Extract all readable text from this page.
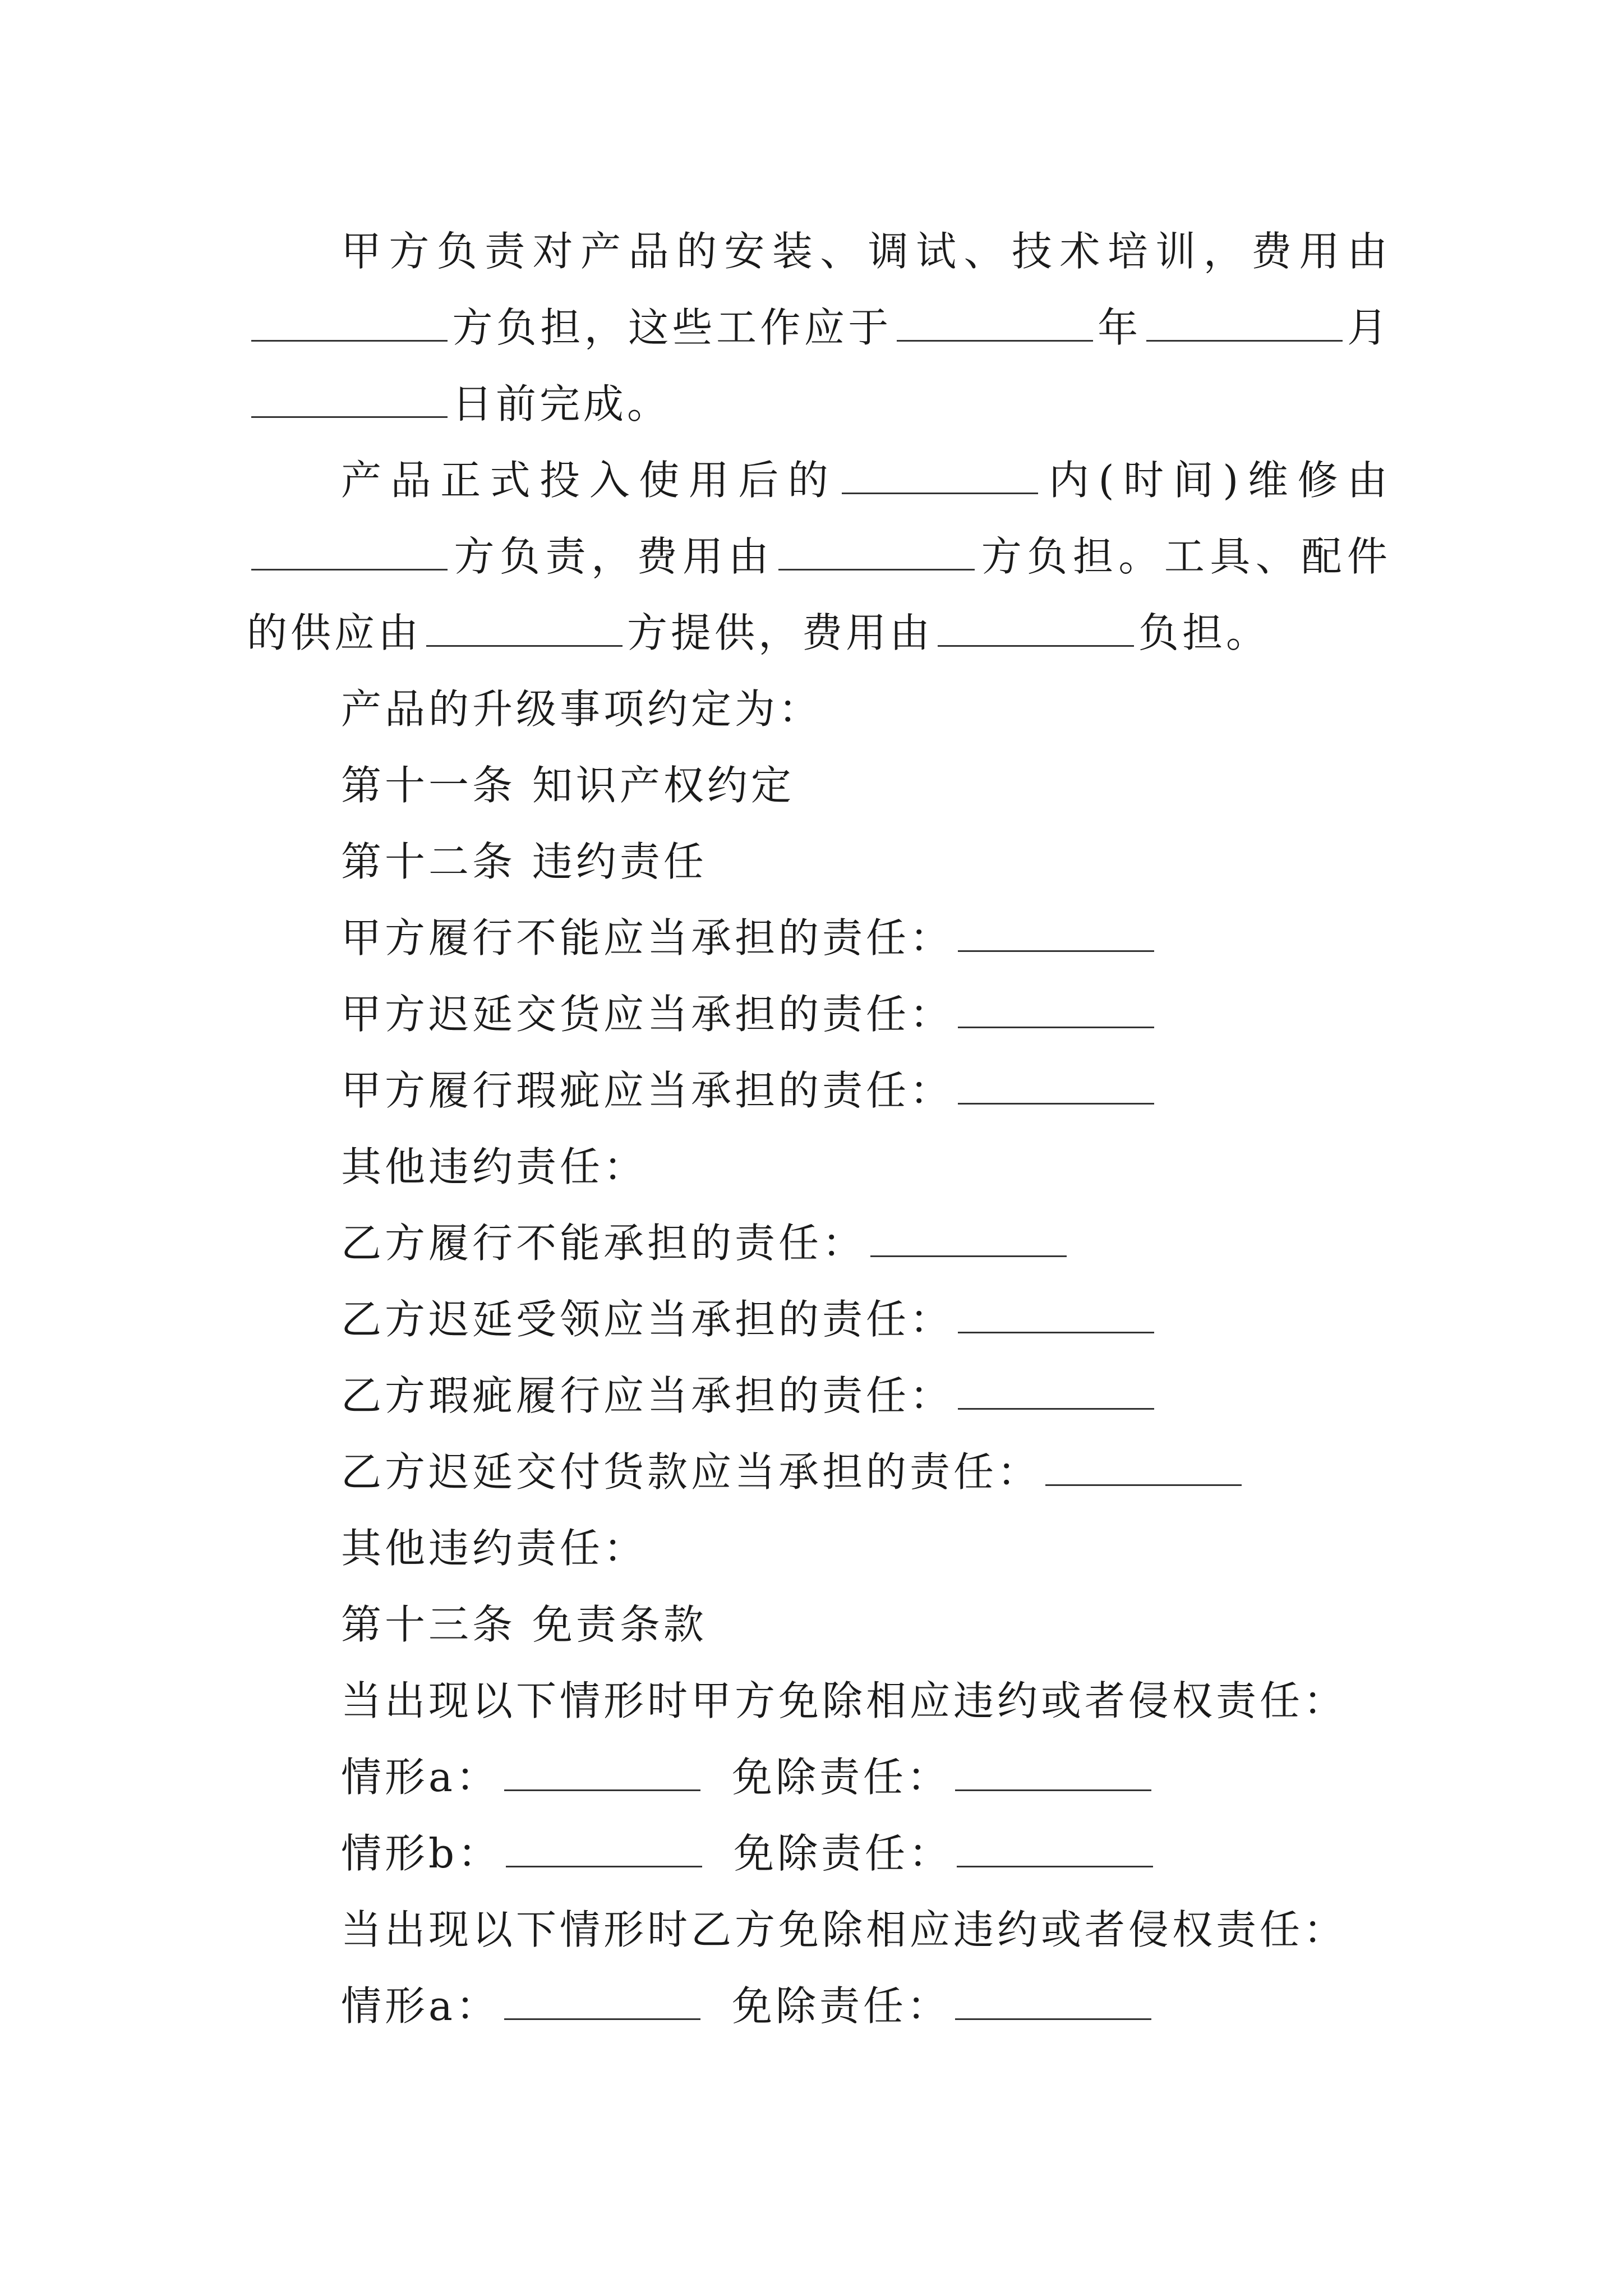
甲方负责对产品的安装、调试、技术培训，费用由方负担，这些工作应于	年	月日前完成。

产品正式投入使用后的	内(时间)维修由方负责，费用由	方负担。工具、配件的供应由	方提供，费用由	负担。

产品的升级事项约定为：

第十一条 知识产权约定

第十二条 违约责任

甲方履行不能应当承担的责任：

甲方迟延交货应当承担的责任：

甲方履行瑕疵应当承担的责任：

其他违约责任：

乙方履行不能承担的责任：

乙方迟延受领应当承担的责任：

乙方瑕疵履行应当承担的责任：

乙方迟延交付货款应当承担的责任：

其他违约责任：

第十三条 免责条款

当出现以下情形时甲方免除相应违约或者侵权责任：

情形a：	免除责任：

情形b：	免除责任：

当出现以下情形时乙方免除相应违约或者侵权责任：

情形a：	免除责任：
